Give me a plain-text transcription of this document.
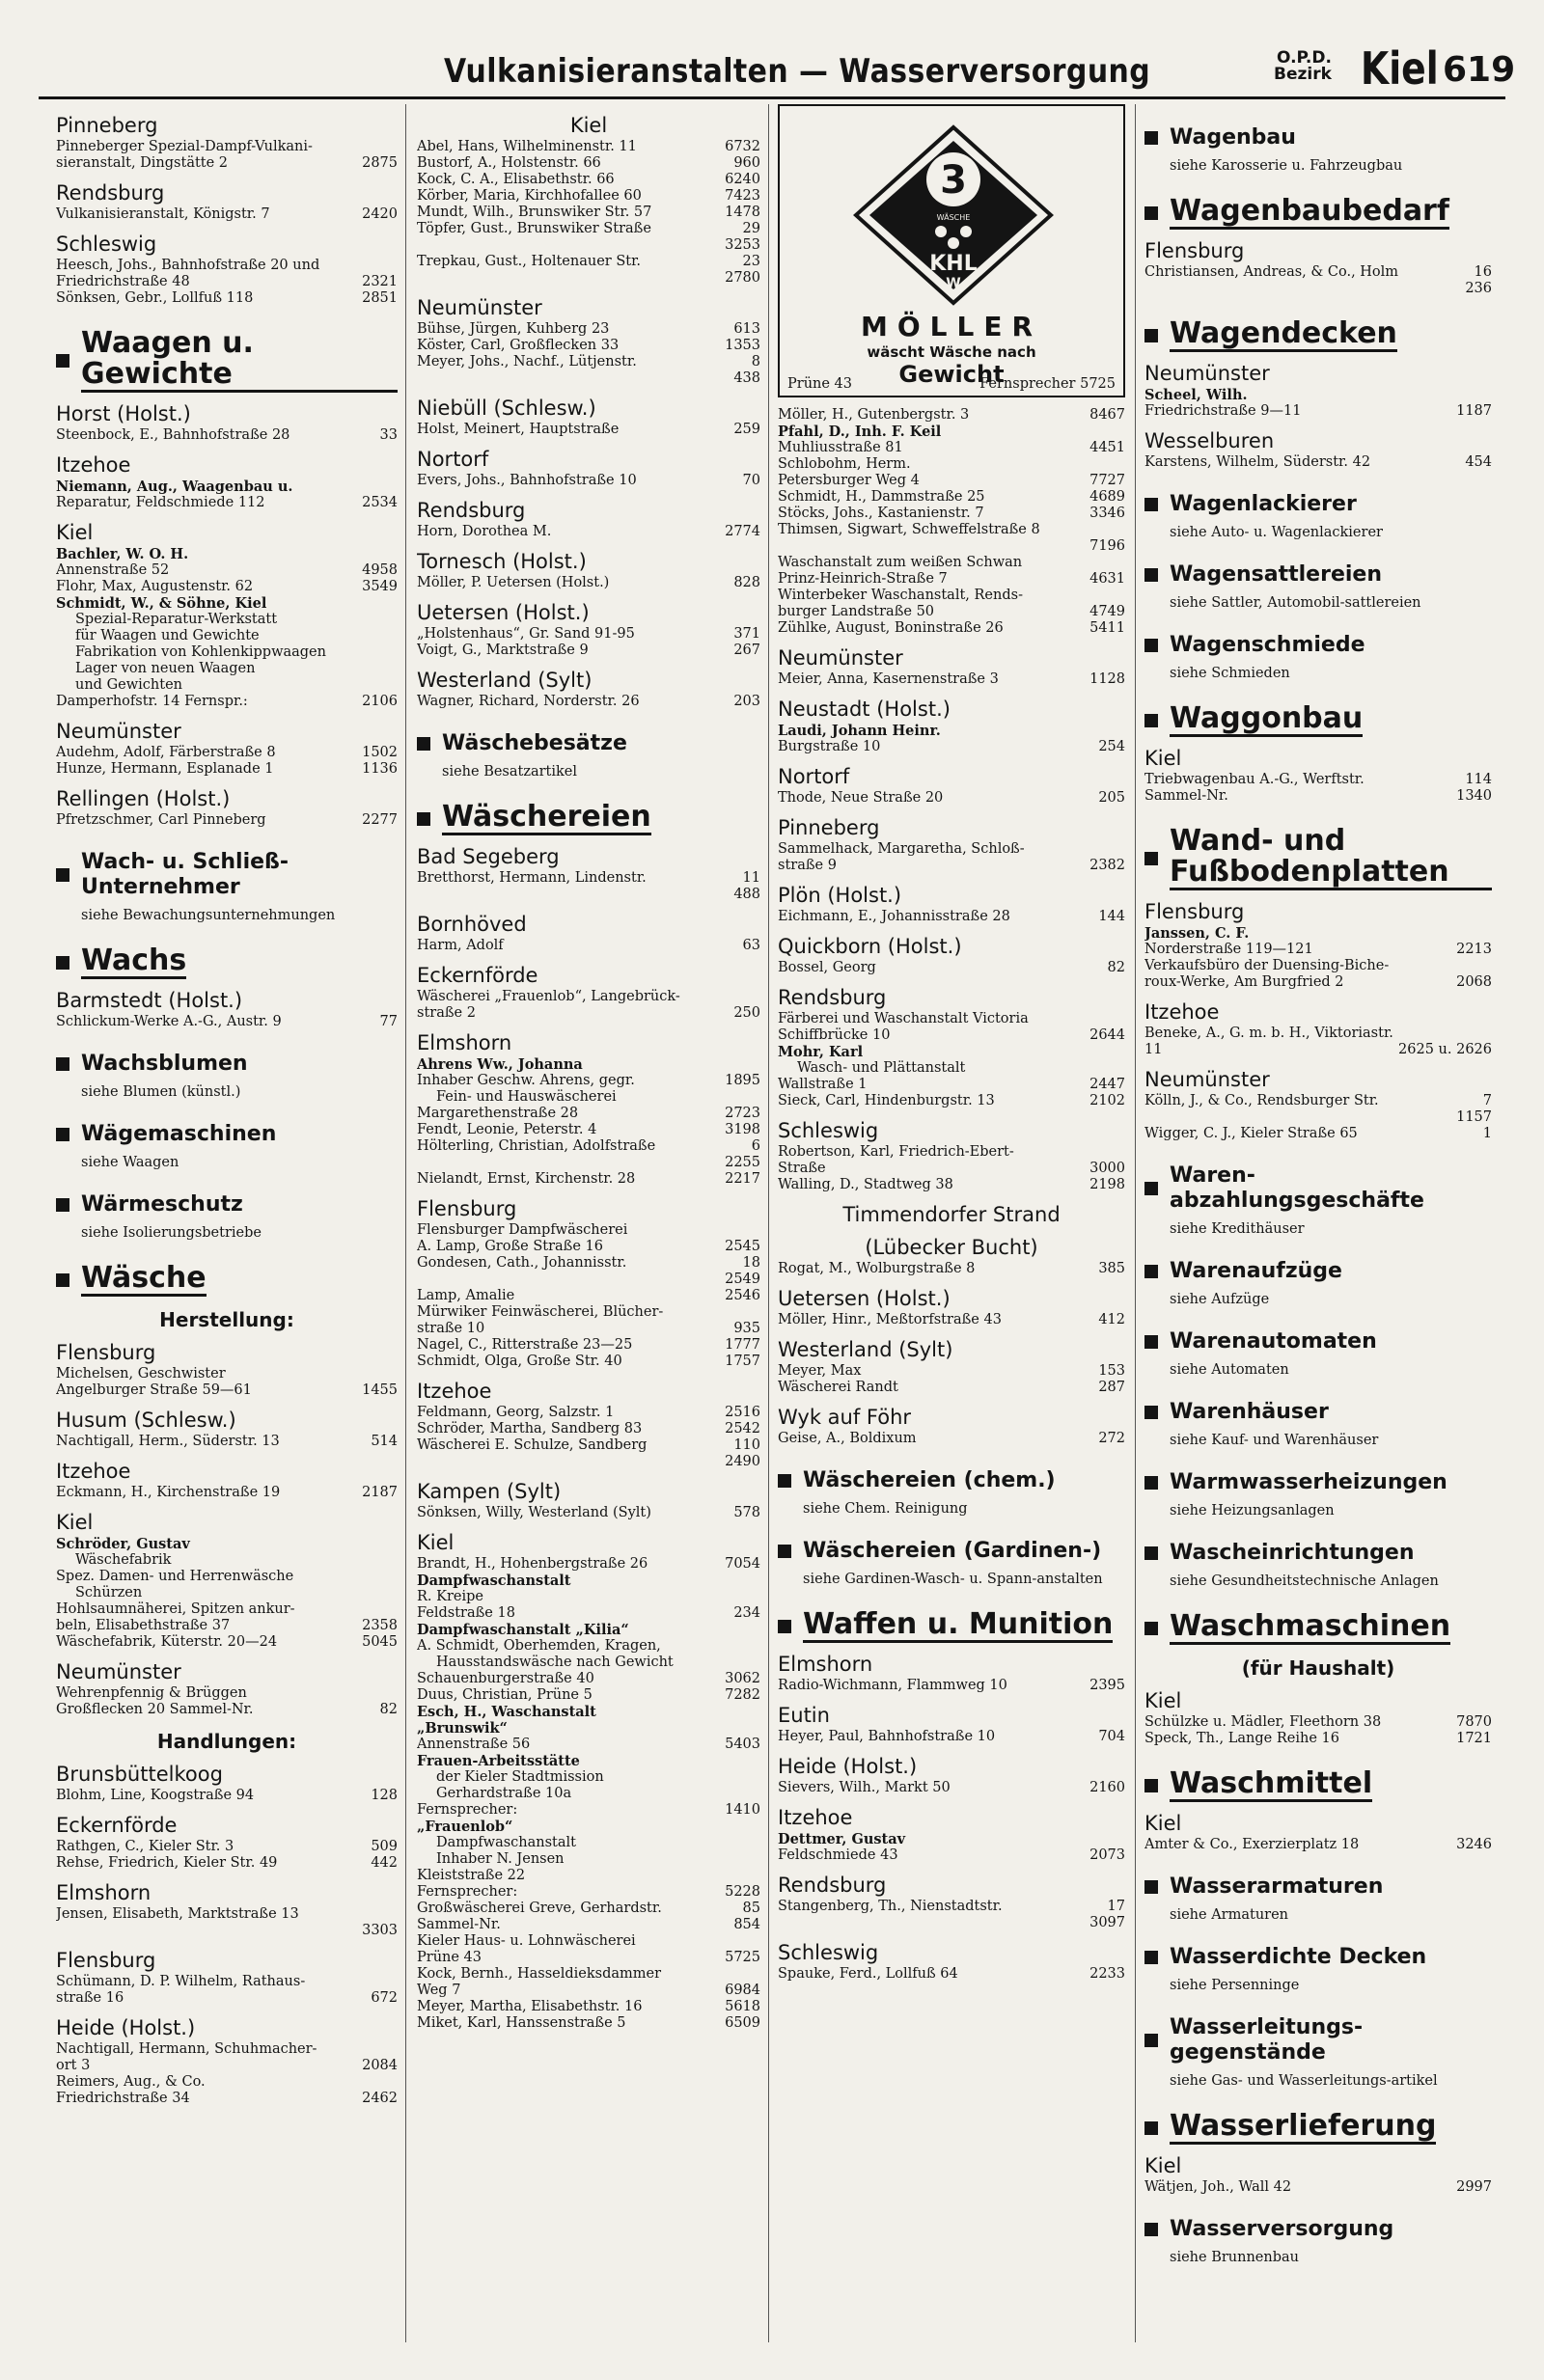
Vulkanisieranstalten — Wasserversorgung	O.P.D.
Bezirk Kiel 619
Pinneberg
Pinneberger Spezial-Dampf-Vulkani-
sieranstalt, Dingstätte 2	2875
Rendsburg
Vulkanisieranstalt, Königstr. 7	2420
Schleswig
Heesch, Johs., Bahnhofstraße 20 und
Friedrichstraße 48	2321
Sönksen, Gebr., Lollfuß 118	2851
Waagen u. Gewichte
Horst (Holst.)
Steenbock, E., Bahnhofstraße 28	33
Itzehoe
Niemann, Aug., Waagenbau u.
Reparatur, Feldschmiede 112	2534
Kiel
Bachler, W. O. H.
Annenstraße 52	4958
Flohr, Max, Augustenstr. 62	3549
Schmidt, W., & Söhne, Kiel
Spezial-Reparatur-Werkstatt
für Waagen und Gewichte
Fabrikation von Kohlenkippwaagen
Lager von neuen Waagen
und Gewichten
Damperhofstr. 14 Fernspr.:	2106
Neumünster
Audehm, Adolf, Färberstraße 8	1502
Hunze, Hermann, Esplanade 1	1136
Rellingen (Holst.)
Pfretzschmer, Carl Pinneberg	2277
Wach- u. Schließ-Unternehmer
siehe Bewachungsunternehmungen
Wachs
Barmstedt (Holst.)
Schlickum-Werke A.-G., Austr. 9	77
Wachsblumen
siehe Blumen (künstl.)
Wägemaschinen
siehe Waagen
Wärmeschutz
siehe Isolierungsbetriebe
Wäsche
Herstellung:
Flensburg
Michelsen, Geschwister
Angelburger Straße 59—61	1455
Husum (Schlesw.)
Nachtigall, Herm., Süderstr. 13	514
Itzehoe
Eckmann, H., Kirchenstraße 19	2187
Kiel
Schröder, Gustav
Wäschefabrik
Spez. Damen- und Herrenwäsche
Schürzen
Hohlsaumnäherei, Spitzen ankur-
beln, Elisabethstraße 37	2358
Wäschefabrik, Küterstr. 20—24	5045
Neumünster
Wehrenpfennig & Brüggen
Großflecken 20 Sammel-Nr.	82
Handlungen:
Brunsbüttelkoog
Blohm, Line, Koogstraße 94	128
Eckernförde
Rathgen, C., Kieler Str. 3	509
Rehse, Friedrich, Kieler Str. 49	442
Elmshorn
Jensen, Elisabeth, Marktstraße 13
3303
Flensburg
Schümann, D. P. Wilhelm, Rathaus-
straße 16	672
Heide (Holst.)
Nachtigall, Hermann, Schuhmacher-
ort 3	2084
Reimers, Aug., & Co.
Friedrichstraße 34	2462
Kiel
Abel, Hans, Wilhelminenstr. 11	6732
Bustorf, A., Holstenstr. 66	960
Kock, C. A., Elisabethstr. 66	6240
Körber, Maria, Kirchhofallee 60	7423
Mundt, Wilh., Brunswiker Str. 57	1478
Töpfer, Gust., Brunswiker Straße	29
3253
Trepkau, Gust., Holtenauer Str.	23
2780
Neumünster
Bühse, Jürgen, Kuhberg 23	613
Köster, Carl, Großflecken 33	1353
Meyer, Johs., Nachf., Lütjenstr.	8
438
Niebüll (Schlesw.)
Holst, Meinert, Hauptstraße	259
Nortorf
Evers, Johs., Bahnhofstraße 10	70
Rendsburg
Horn, Dorothea M.	2774
Tornesch (Holst.)
Möller, P. Uetersen (Holst.)	828
Uetersen (Holst.)
„Holstenhaus“, Gr. Sand 91-95	371
Voigt, G., Marktstraße 9	267
Westerland (Sylt)
Wagner, Richard, Norderstr. 26	203
Wäschebesätze
siehe Besatzartikel
Wäschereien
Bad Segeberg
Bretthorst, Hermann, Lindenstr.	11
488
Bornhöved
Harm, Adolf	63
Eckernförde
Wäscherei „Frauenlob“, Langebrück-
straße 2	250
Elmshorn
Ahrens Ww., Johanna
Inhaber Geschw. Ahrens, gegr.	1895
Fein- und Hauswäscherei
Margarethenstraße 28	2723
Fendt, Leonie, Peterstr. 4	3198
Hölterling, Christian, Adolfstraße	6
2255
Nielandt, Ernst, Kirchenstr. 28	2217
Flensburg
Flensburger Dampfwäscherei
A. Lamp, Große Straße 16	2545
Gondesen, Cath., Johannisstr.	18
2549
Lamp, Amalie	2546
Mürwiker Feinwäscherei, Blücher-
straße 10	935
Nagel, C., Ritterstraße 23—25	1777
Schmidt, Olga, Große Str. 40	1757
Itzehoe
Feldmann, Georg, Salzstr. 1	2516
Schröder, Martha, Sandberg 83	2542
Wäscherei E. Schulze, Sandberg	110
2490
Kampen (Sylt)
Sönksen, Willy, Westerland (Sylt)	578
Kiel
Brandt, H., Hohenbergstraße 26	7054
Dampfwaschanstalt
R. Kreipe
Feldstraße 18	234
Dampfwaschanstalt „Kilia“
A. Schmidt, Oberhemden, Kragen,
Hausstandswäsche nach Gewicht
Schauenburgerstraße 40	3062
Duus, Christian, Prüne 5	7282
Esch, H., Waschanstalt
„Brunswik“
Annenstraße 56	5403
Frauen-Arbeitsstätte
der Kieler Stadtmission
Gerhardstraße 10a
Fernsprecher:	1410
„Frauenlob“
Dampfwaschanstalt
Inhaber N. Jensen
Kleiststraße 22
Fernsprecher:	5228
Großwäscherei Greve, Gerhardstr.	85
Sammel-Nr.	854
Kieler Haus- u. Lohnwäscherei
Prüne 43	5725
Kock, Bernh., Hasseldieksdammer
Weg 7	6984
Meyer, Martha, Elisabethstr. 16	5618
Miket, Karl, Hanssenstraße 5	6509
3
WÄSCHE
KHL
W
MÖLLER
wäscht Wäsche nach
Gewicht
Prüne 43	Fernsprecher 5725
Möller, H., Gutenbergstr. 3	8467
Pfahl, D., Inh. F. Keil
Muhliusstraße 81	4451
Schlobohm, Herm.
Petersburger Weg 4	7727
Schmidt, H., Dammstraße 25	4689
Stöcks, Johs., Kastanienstr. 7	3346
Thimsen, Sigwart, Schweffelstraße 8
7196
Waschanstalt zum weißen Schwan
Prinz-Heinrich-Straße 7	4631
Winterbeker Waschanstalt, Rends-
burger Landstraße 50	4749
Zühlke, August, Boninstraße 26	5411
Neumünster
Meier, Anna, Kasernenstraße 3	1128
Neustadt (Holst.)
Laudi, Johann Heinr.
Burgstraße 10	254
Nortorf
Thode, Neue Straße 20	205
Pinneberg
Sammelhack, Margaretha, Schloß-
straße 9	2382
Plön (Holst.)
Eichmann, E., Johannisstraße 28	144
Quickborn (Holst.)
Bossel, Georg	82
Rendsburg
Färberei und Waschanstalt Victoria
Schiffbrücke 10	2644
Mohr, Karl
Wasch- und Plättanstalt
Wallstraße 1	2447
Sieck, Carl, Hindenburgstr. 13	2102
Schleswig
Robertson, Karl, Friedrich-Ebert-
Straße	3000
Walling, D., Stadtweg 38	2198
Timmendorfer Strand
(Lübecker Bucht)
Rogat, M., Wolburgstraße 8	385
Uetersen (Holst.)
Möller, Hinr., Meßtorfstraße 43	412
Westerland (Sylt)
Meyer, Max	153
Wäscherei Randt	287
Wyk auf Föhr
Geise, A., Boldixum	272
Wäschereien (chem.)
siehe Chem. Reinigung
Wäschereien (Gardinen-)
siehe Gardinen-Wasch- u. Spann-anstalten
Waffen u. Munition
Elmshorn
Radio-Wichmann, Flammweg 10	2395
Eutin
Heyer, Paul, Bahnhofstraße 10	704
Heide (Holst.)
Sievers, Wilh., Markt 50	2160
Itzehoe
Dettmer, Gustav
Feldschmiede 43	2073
Rendsburg
Stangenberg, Th., Nienstadtstr.	17
3097
Schleswig
Spauke, Ferd., Lollfuß 64	2233
Wagenbau
siehe Karosserie u. Fahrzeugbau
Wagenbaubedarf
Flensburg
Christiansen, Andreas, & Co., Holm	16
236
Wagendecken
Neumünster
Scheel, Wilh.
Friedrichstraße 9—11	1187
Wesselburen
Karstens, Wilhelm, Süderstr. 42	454
Wagenlackierer
siehe Auto- u. Wagenlackierer
Wagensattlereien
siehe Sattler, Automobil-sattlereien
Wagenschmiede
siehe Schmieden
Waggonbau
Kiel
Triebwagenbau A.-G., Werftstr.	114
Sammel-Nr.	1340
Wand- und Fußbodenplatten
Flensburg
Janssen, C. F.
Norderstraße 119—121	2213
Verkaufsbüro der Duensing-Biche-
roux-Werke, Am Burgfried 2	2068
Itzehoe
Beneke, A., G. m. b. H., Viktoriastr.
11	2625 u. 2626
Neumünster
Kölln, J., & Co., Rendsburger Str.	7
1157
Wigger, C. J., Kieler Straße 65	1
Waren-abzahlungsgeschäfte
siehe Kredithäuser
Warenaufzüge
siehe Aufzüge
Warenautomaten
siehe Automaten
Warenhäuser
siehe Kauf- und Warenhäuser
Warmwasserheizungen
siehe Heizungsanlagen
Wascheinrichtungen
siehe Gesundheitstechnische Anlagen
Waschmaschinen
(für Haushalt)
Kiel
Schülzke u. Mädler, Fleethorn 38	7870
Speck, Th., Lange Reihe 16	1721
Waschmittel
Kiel
Amter & Co., Exerzierplatz 18	3246
Wasserarmaturen
siehe Armaturen
Wasserdichte Decken
siehe Persenninge
Wasserleitungs-gegenstände
siehe Gas- und Wasserleitungs-artikel
Wasserlieferung
Kiel
Wätjen, Joh., Wall 42	2997
Wasserversorgung
siehe Brunnenbau
